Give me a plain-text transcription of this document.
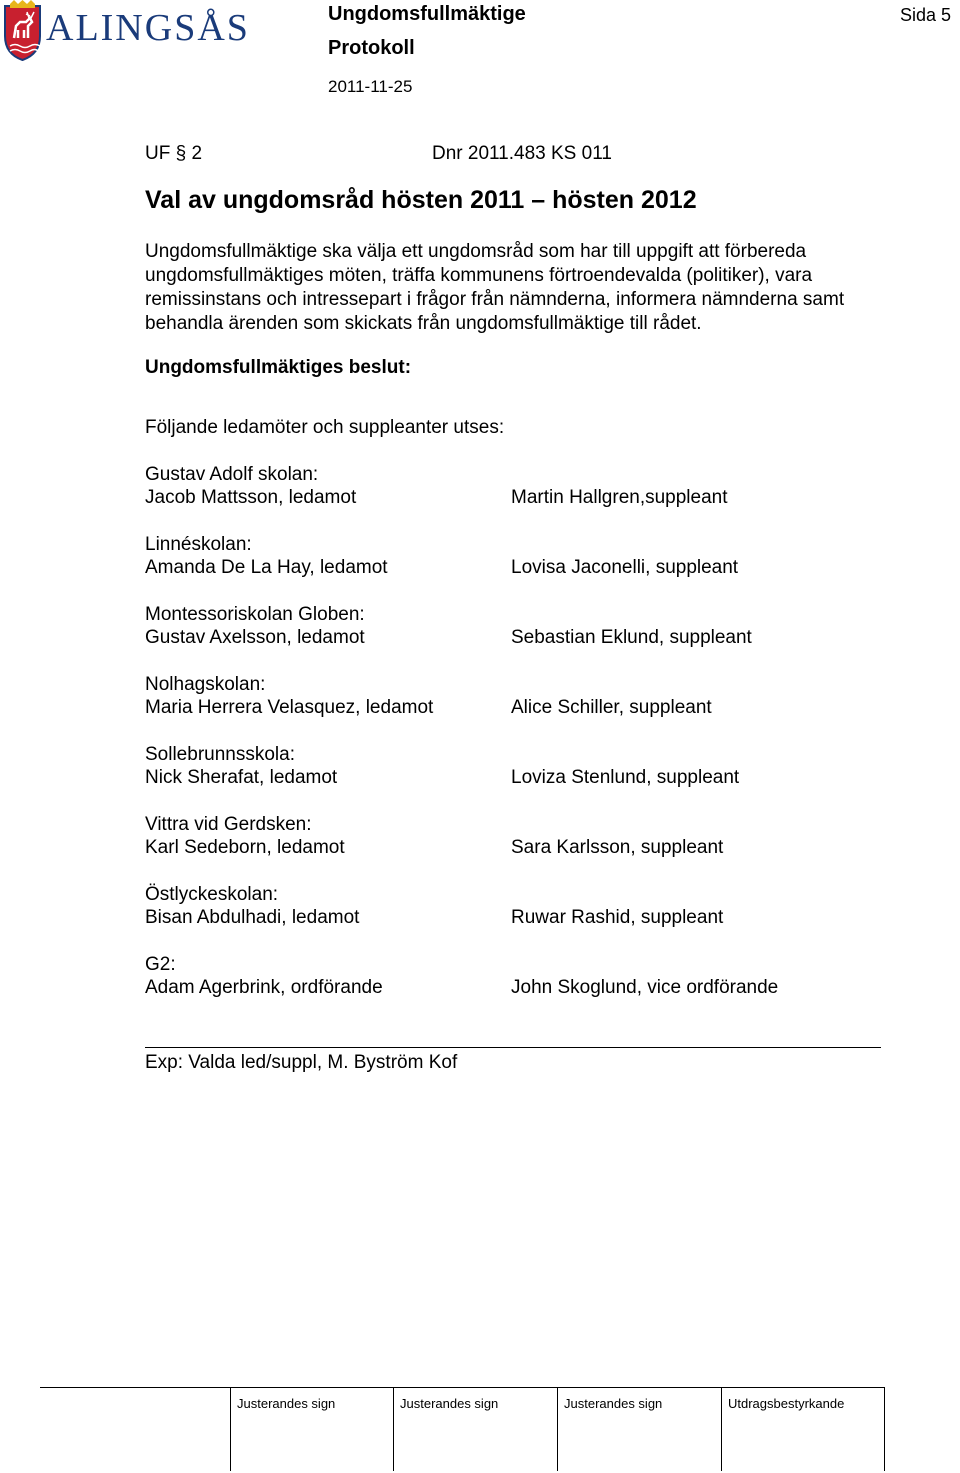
ALINGSÅS	Ungdomsfullmäktige
Protokoll
2011-11-25
Sida 5
UF § 2	Dnr 2011.483 KS 011
Val av ungdomsråd hösten 2011 – hösten 2012
Ungdomsfullmäktige ska välja ett ungdomsråd som har till uppgift att förbereda ungdomsfullmäktiges möten, träffa kommunens förtroendevalda (politiker), vara remissinstans och intressepart i frågor från nämnderna, informera nämnderna samt behandla ärenden som skickats från ungdomsfullmäktige till rådet.
Ungdomsfullmäktiges beslut:
Följande ledamöter och suppleanter utses:
Gustav Adolf skolan:
Jacob Mattsson, ledamot	Martin Hallgren,suppleant
Linnéskolan:
Amanda De La Hay, ledamot	Lovisa Jaconelli, suppleant
Montessoriskolan Globen:
Gustav Axelsson, ledamot	Sebastian Eklund, suppleant
Nolhagskolan:
Maria Herrera Velasquez, ledamot	Alice Schiller, suppleant
Sollebrunnsskola:
Nick Sherafat, ledamot	Loviza Stenlund, suppleant
Vittra vid Gerdsken:
Karl Sedeborn, ledamot	Sara Karlsson, suppleant
Östlyckeskolan:
Bisan Abdulhadi, ledamot	Ruwar Rashid, suppleant
G2:
Adam Agerbrink, ordförande	John Skoglund, vice ordförande
Exp: Valda led/suppl, M. Byström Kof
Justerandes sign	Justerandes sign	Justerandes sign	Utdragsbestyrkande
